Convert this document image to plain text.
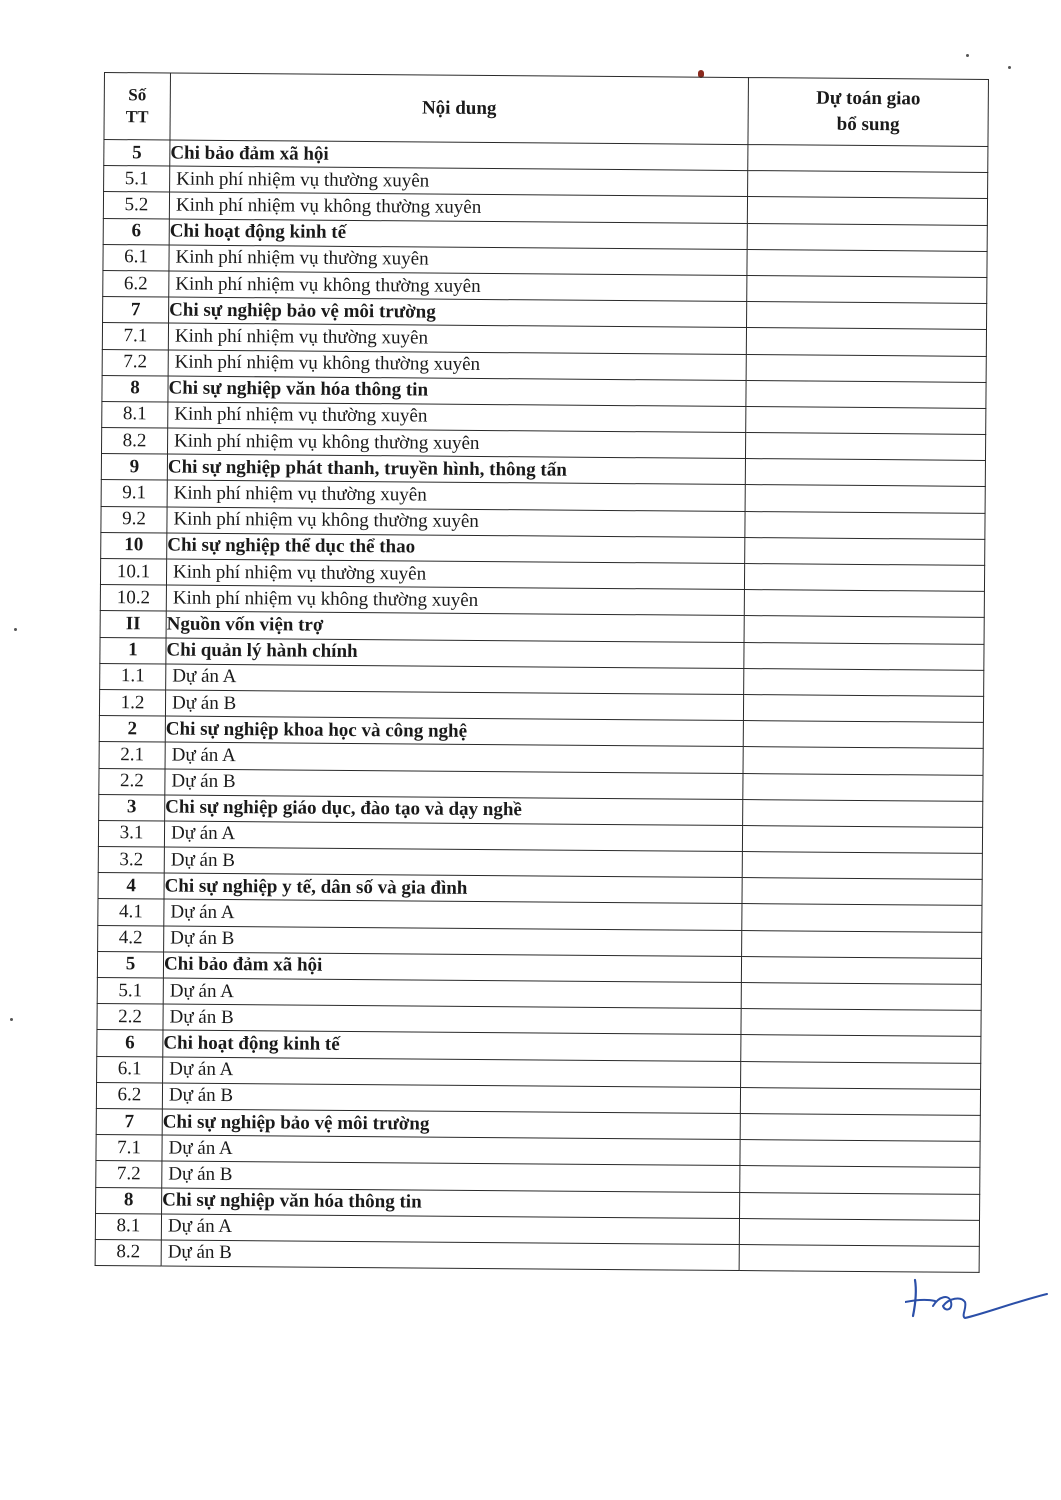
Số
TT	Nội dung	Dự toán giao
bổ sung
5	Chi bảo đảm xã hội	
5.1	Kinh phí nhiệm vụ thường xuyên	
5.2	Kinh phí nhiệm vụ không thường xuyên	
6	Chi hoạt động kinh tế	
6.1	Kinh phí nhiệm vụ thường xuyên	
6.2	Kinh phí nhiệm vụ không thường xuyên	
7	Chi sự nghiệp bảo vệ môi trường	
7.1	Kinh phí nhiệm vụ thường xuyên	
7.2	Kinh phí nhiệm vụ không thường xuyên	
8	Chi sự nghiệp văn hóa thông tin	
8.1	Kinh phí nhiệm vụ thường xuyên	
8.2	Kinh phí nhiệm vụ không thường xuyên	
9	Chi sự nghiệp phát thanh, truyền hình, thông tấn	
9.1	Kinh phí nhiệm vụ thường xuyên	
9.2	Kinh phí nhiệm vụ không thường xuyên	
10	Chi sự nghiệp thể dục thể thao	
10.1	Kinh phí nhiệm vụ thường xuyên	
10.2	Kinh phí nhiệm vụ không thường xuyên	
II	Nguồn vốn viện trợ	
1	Chi quản lý hành chính	
1.1	Dự án A	
1.2	Dự án B	
2	Chi sự nghiệp khoa học và công nghệ	
2.1	Dự án A	
2.2	Dự án B	
3	Chi sự nghiệp giáo dục, đào tạo và dạy nghề	
3.1	Dự án A	
3.2	Dự án B	
4	Chi sự nghiệp y tế, dân số và gia đình	
4.1	Dự án A	
4.2	Dự án B	
5	Chi bảo đảm xã hội	
5.1	Dự án A	
2.2	Dự án B	
6	Chi hoạt động kinh tế	
6.1	Dự án A	
6.2	Dự án B	
7	Chi sự nghiệp bảo vệ môi trường	
7.1	Dự án A	
7.2	Dự án B	
8	Chi sự nghiệp văn hóa thông tin	
8.1	Dự án A	
8.2	Dự án B	
